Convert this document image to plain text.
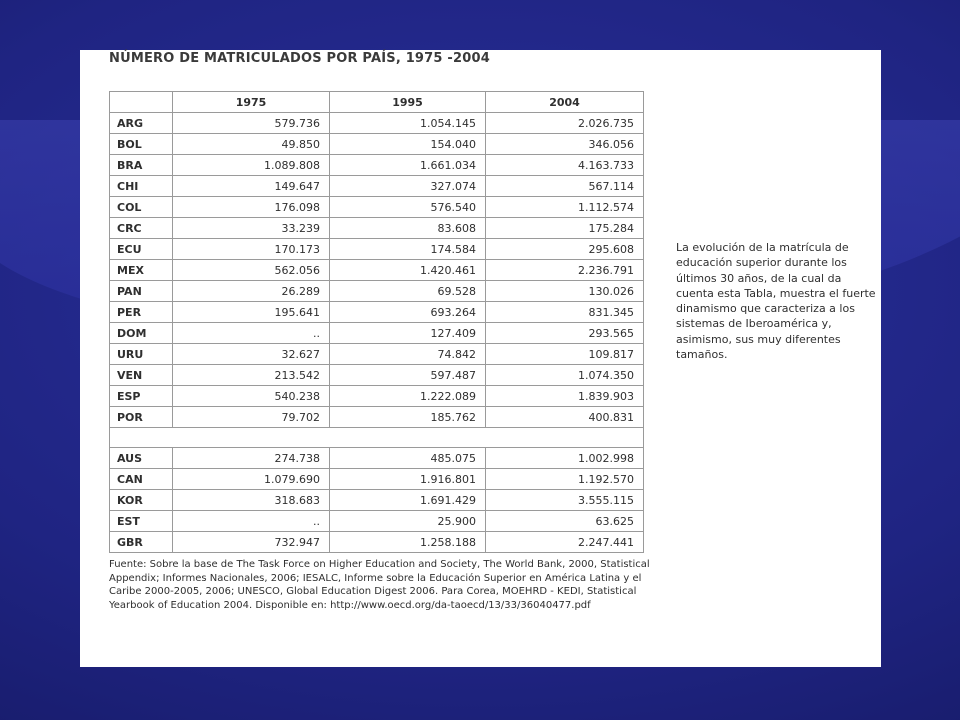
NÚMERO DE MATRICULADOS POR PAÍS, 1975 -2004
	1975	1995	2004
ARG	579.736	1.054.145	2.026.735
BOL	49.850	154.040	346.056
BRA	1.089.808	1.661.034	4.163.733
CHI	149.647	327.074	567.114
COL	176.098	576.540	1.112.574
CRC	33.239	83.608	175.284
ECU	170.173	174.584	295.608
MEX	562.056	1.420.461	2.236.791
PAN	26.289	69.528	130.026
PER	195.641	693.264	831.345
DOM	..	127.409	293.565
URU	32.627	74.842	109.817
VEN	213.542	597.487	1.074.350
ESP	540.238	1.222.089	1.839.903
POR	79.702	185.762	400.831

AUS	274.738	485.075	1.002.998
CAN	1.079.690	1.916.801	1.192.570
KOR	318.683	1.691.429	3.555.115
EST	..	25.900	63.625
GBR	732.947	1.258.188	2.247.441

Fuente: Sobre la base de The Task Force on Higher Education and Society, The World Bank, 2000, Statistical Appendix; Informes Nacionales, 2006; IESALC, Informe sobre la Educación Superior en América Latina y el Caribe 2000-2005, 2006; UNESCO, Global Education Digest 2006. Para Corea, MOEHRD - KEDI, Statistical Yearbook of Education 2004. Disponible en: http://www.oecd.org/da-taoecd/13/33/36040477.pdf

La evolución de la matrícula de educación superior durante los últimos 30 años, de la cual da cuenta esta Tabla, muestra el fuerte dinamismo que caracteriza a los sistemas de Iberoamérica y, asimismo, sus muy diferentes tamaños.
